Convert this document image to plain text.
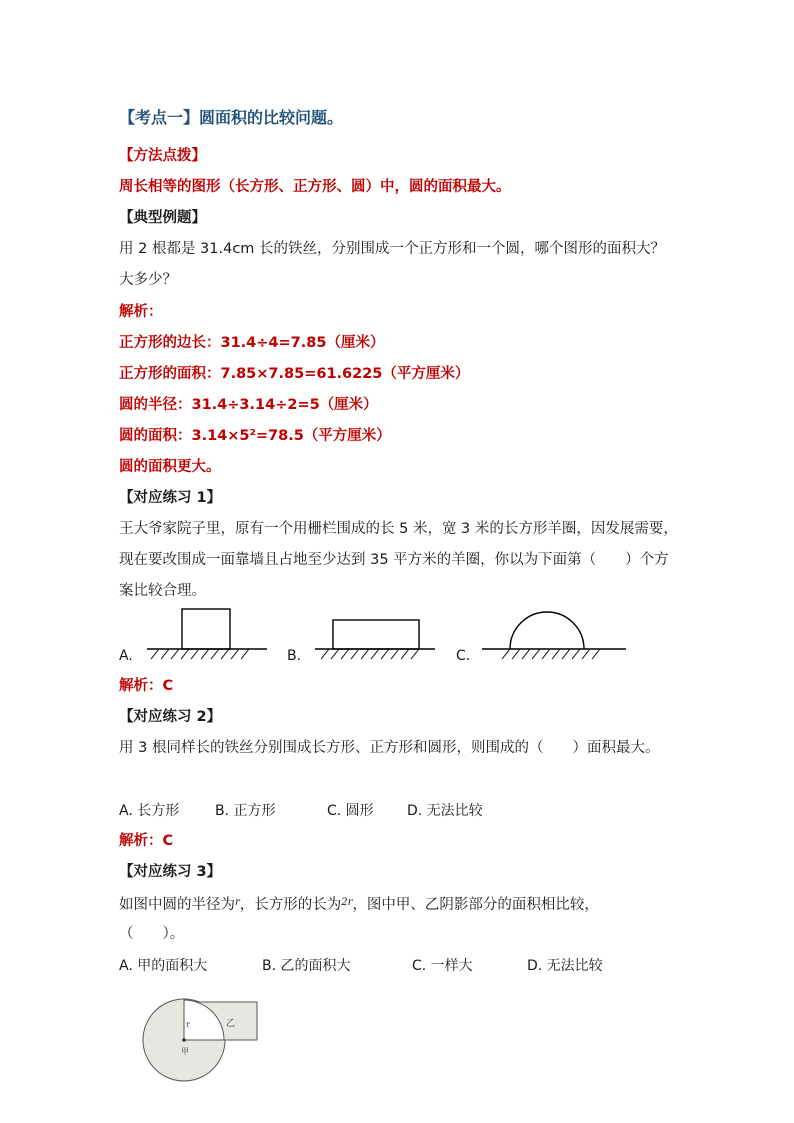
【考点一】圆面积的比较问题。
【方法点拨】
周长相等的图形（长方形、正方形、圆）中，圆的面积最大。
【典型例题】
用 2 根都是 31.4cm 长的铁丝，分别围成一个正方形和一个圆，哪个图形的面积大？大多少？
解析：
正方形的边长：31.4÷4=7.85（厘米）
正方形的面积：7.85×7.85=61.6225（平方厘米）
圆的半径：31.4÷3.14÷2=5（厘米）
圆的面积：3.14×5²=78.5（平方厘米）
圆的面积更大。
【对应练习 1】
王大爷家院子里，原有一个用栅栏围成的长 5 米，宽 3 米的长方形羊圈，因发展需要，现在要改围成一面靠墙且占地至少达到 35 平方米的羊圈，你以为下面第（　　）个方案比较合理。
A.	B.	C.
解析：C
【对应练习 2】
用 3 根同样长的铁丝分别围成长方形、正方形和圆形，则围成的（　　）面积最大。
A. 长方形	B. 正方形	C. 圆形 D. 无法比较
解析：C
【对应练习 3】
如图中圆的半径为$^r$，长方形的长为$^{2r}$，图中甲、乙阴影部分的面积相比较，
（　　）。
A. 甲的面积大	B. 乙的面积大	C. 一样大	D. 无法比较
r
甲
乙
